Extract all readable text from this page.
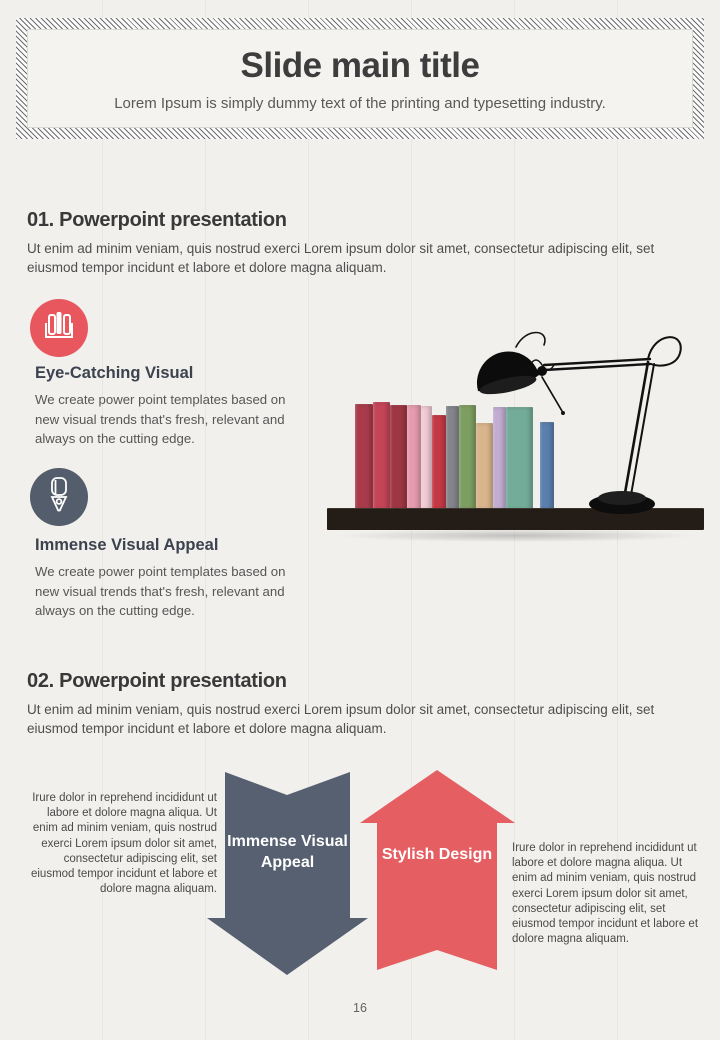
Slide main title

Lorem Ipsum is simply dummy text of the printing and typesetting industry.

01. Powerpoint presentation
Ut enim ad minim veniam, quis nostrud exerci Lorem ipsum dolor sit amet, consectetur adipiscing elit, set eiusmod tempor incidunt et labore et dolore magna aliquam.
Eye-Catching Visual
We create power point templates based on new visual trends that's fresh, relevant and always on the cutting edge.
Immense Visual Appeal
We create power point templates based on new visual trends that's fresh, relevant and always on the cutting edge.
02. Powerpoint presentation
Ut enim ad minim veniam, quis nostrud exerci Lorem ipsum dolor sit amet, consectetur adipiscing elit, set eiusmod tempor incidunt et labore et dolore magna aliquam.
Irure dolor in reprehend incididunt ut labore et dolore magna aliqua. Ut enim ad minim veniam, quis nostrud exerci Lorem ipsum dolor sit amet, consectetur adipiscing elit, set eiusmod tempor incidunt et labore et dolore magna aliquam.
Immense Visual Appeal	Stylish Design	Irure dolor in reprehend incididunt ut labore et dolore magna aliqua. Ut enim ad minim veniam, quis nostrud exerci Lorem ipsum dolor sit amet, consectetur adipiscing elit, set eiusmod tempor incidunt et labore et dolore magna aliquam.
16
